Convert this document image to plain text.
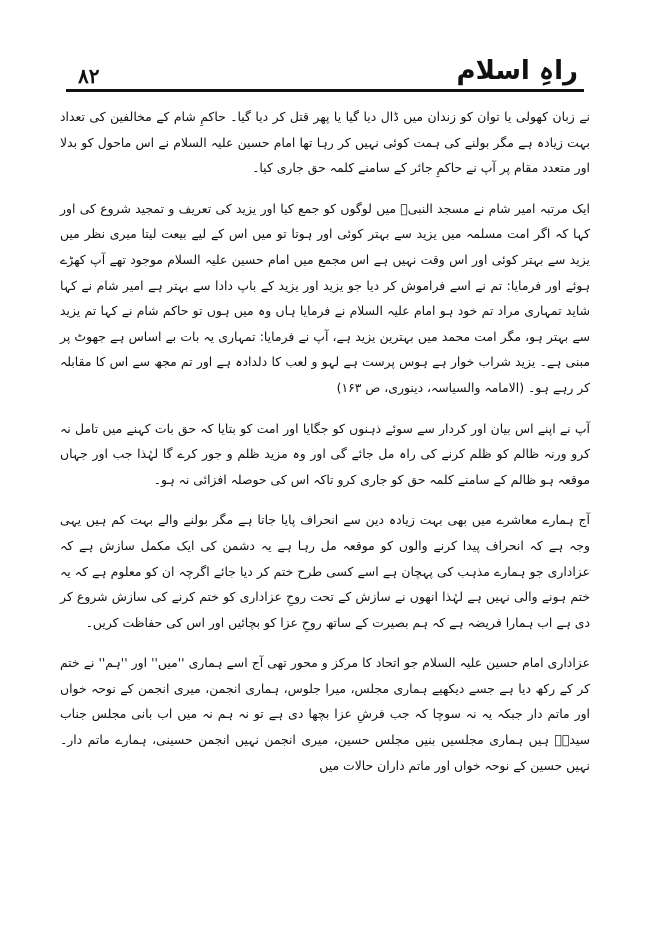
۸۲	راہِ اسلام

نے زبان کھولی یا توان کو زندان میں ڈال دیا گیا یا پھر قتل کر دیا گیا۔ حاکمِ شام کے مخالفین کی تعداد بہت زیادہ ہے مگر بولنے کی ہمت کوئی نہیں کر رہا تھا امام حسین علیہ السلام نے اس ماحول کو بدلا اور متعدد مقام پر آپ نے حاکمِ جائر کے سامنے کلمہ حق جاری کیا۔

ایک مرتبہ امیر شام نے مسجد النبیؐ میں لوگوں کو جمع کیا اور یزید کی تعریف و تمجید شروع کی اور کہا کہ اگر امت مسلمہ میں یزید سے بہتر کوئی اور ہوتا تو میں اس کے لیے بیعت لیتا میری نظر میں یزید سے بہتر کوئی اور اس وقت نہیں ہے اس مجمع میں امام حسین علیہ السلام موجود تھے آپ کھڑے ہوئے اور فرمایا: تم نے اسے فراموش کر دیا جو یزید اور یزید کے باپ دادا سے بہتر ہے امیر شام نے کہا شاید تمہاری مراد تم خود ہو امام علیہ السلام نے فرمایا ہاں وہ میں ہوں تو حاکم شام نے کہا تم یزید سے بہتر ہو، مگر امت محمد میں بہترین یزید ہے، آپ نے فرمایا: تمہاری یہ بات بے اساس ہے جھوٹ پر مبنی ہے۔ یزید شراب خوار ہے ہوس پرست ہے لہو و لعب کا دلدادہ ہے اور تم مجھ سے اس کا مقابلہ کر رہے ہو۔ (الامامہ والسیاسہ، دینوری، ص ۱۶۳)

آپ نے اپنے اس بیان اور کردار سے سوئے ذہنوں کو جگایا اور امت کو بتایا کہ حق بات کہنے میں تامل نہ کرو ورنہ ظالم کو ظلم کرنے کی راہ مل جائے گی اور وہ مزید ظلم و جور کرے گا لہٰذا جب اور جہاں موقعہ ہو ظالم کے سامنے کلمہ حق کو جاری کرو تاکہ اس کی حوصلہ افزائی نہ ہو۔

آج ہمارے معاشرے میں بھی بہت زیادہ دین سے انحراف پایا جاتا ہے مگر بولنے والے بہت کم ہیں یہی وجہ ہے کہ انحراف پیدا کرنے والوں کو موقعہ مل رہا ہے یہ دشمن کی ایک مکمل سازش ہے کہ عزاداری جو ہمارے مذہب کی پہچان ہے اسے کسی طرح ختم کر دیا جائے اگرچہ ان کو معلوم ہے کہ یہ ختم ہونے والی نہیں ہے لہٰذا انھوں نے سازش کے تحت روحِ عزاداری کو ختم کرنے کی سازش شروع کر دی ہے اب ہمارا فریضہ ہے کہ ہم بصیرت کے ساتھ روحِ عزا کو بچائیں اور اس کی حفاظت کریں۔

عزاداری امام حسین علیہ السلام جو اتحاد کا مرکز و محور تھی آج اسے ہماری ''میں'' اور ''ہم'' نے ختم کر کے رکھ دیا ہے جسے دیکھیے ہماری مجلس، میرا جلوس، ہماری انجمن، میری انجمن کے نوحہ خواں اور ماتم دار جبکہ یہ نہ سوچا کہ جب فرشِ عزا بچھا دی ہے تو نہ ہم نہ میں اب بانی مجلس جناب سیدہؑ ہیں ہماری مجلسیں بنیں مجلس حسین، میری انجمن نہیں انجمن حسینی، ہمارے ماتم دار۔ نہیں حسین کے نوحہ خواں اور ماتم داران حالات میں
